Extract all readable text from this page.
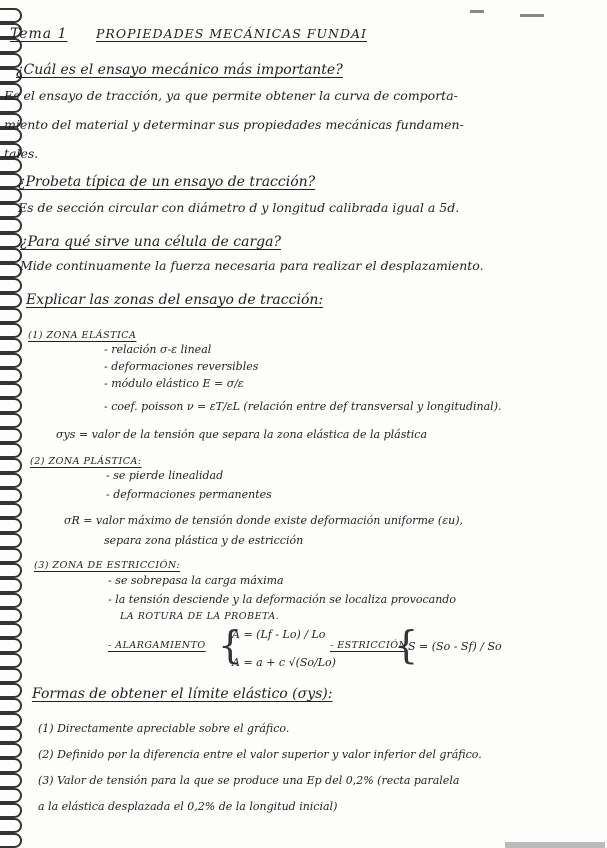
Tema 1 PROPIEDADES MECÁNICAS FUNDAI
¿Cuál es el ensayo mecánico más importante?
Es el ensayo de tracción, ya que permite obtener la curva de comporta-
miento del material y determinar sus propiedades mecánicas fundamen-
tales.
¿Probeta típica de un ensayo de tracción?
Es de sección circular con diámetro d y longitud calibrada igual a 5d.
¿Para qué sirve una célula de carga?
Mide continuamente la fuerza necesaria para realizar el desplazamiento.
Explicar las zonas del ensayo de tracción:
(1) ZONA ELÁSTICA
- relación σ-ε lineal
- deformaciones reversibles
- módulo elástico E = σ/ε
- coef. poisson ν = εT/εL (relación entre def transversal y longitudinal).
σys = valor de la tensión que separa la zona elástica de la plástica
(2) ZONA PLÁSTICA:
- se pierde linealidad
- deformaciones permanentes
σR = valor máximo de tensión donde existe deformación uniforme (εu),
separa zona plástica y de estricción
(3) ZONA DE ESTRICCIÓN:
- se sobrepasa la carga máxima
- la tensión desciende y la deformación se localiza provocando
LA ROTURA DE LA PROBETA.
- ALARGAMIENTO {
A = (Lf - Lo) / Lo
A = a + c √(So/Lo)
- ESTRICCIÓN
{
S = (So - Sf) / So
Formas de obtener el límite elástico (σys):
(1) Directamente apreciable sobre el gráfico.
(2) Definido por la diferencia entre el valor superior y valor inferior del gráfico.
(3) Valor de tensión para la que se produce una Ep del 0,2% (recta paralela
a la elástica desplazada el 0,2% de la longitud inicial)
